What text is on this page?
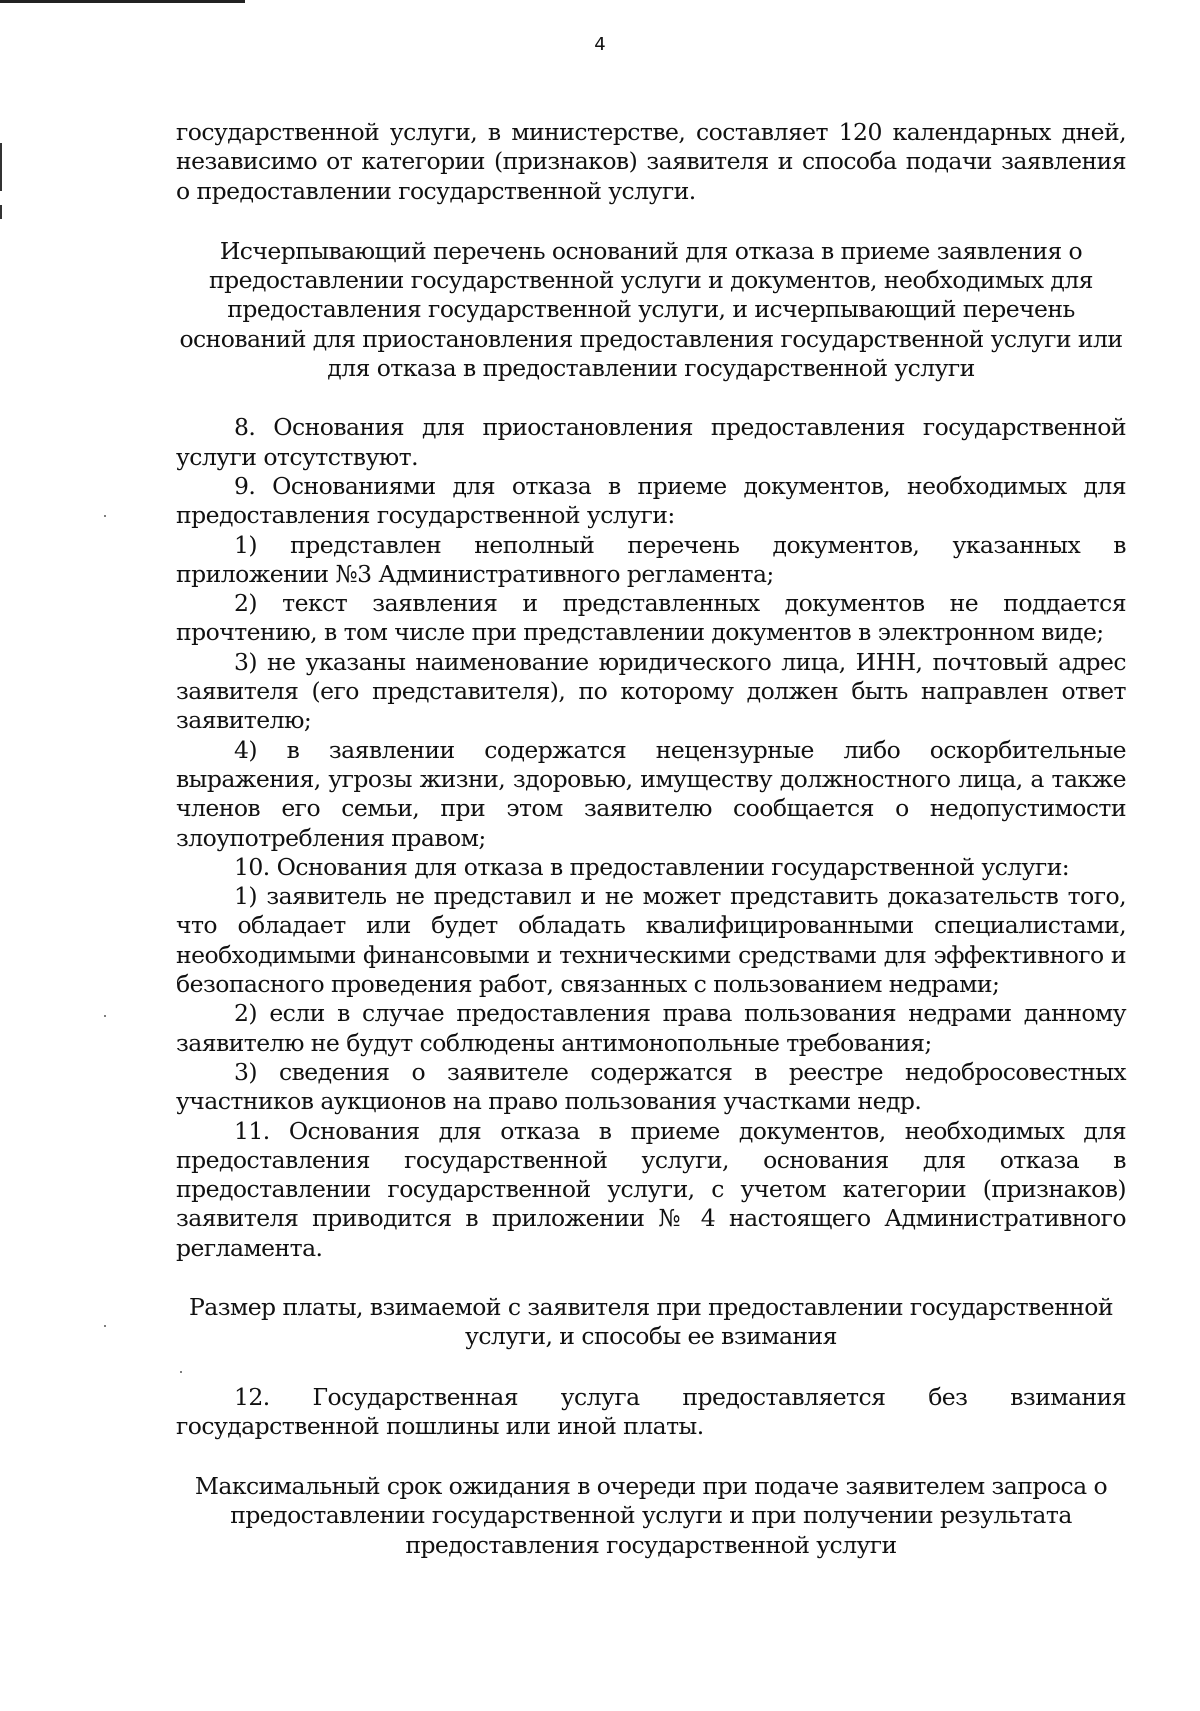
4

государственной услуги, в министерстве, составляет 120 календарных дней, независимо от категории (признаков) заявителя и способа подачи заявления о предоставлении государственной услуги.

Исчерпывающий перечень оснований для отказа в приеме заявления о предоставлении государственной услуги и документов, необходимых для предоставления государственной услуги, и исчерпывающий перечень оснований для приостановления предоставления государственной услуги или для отказа в предоставлении государственной услуги

8. Основания для приостановления предоставления государственной услуги отсутствуют.

9. Основаниями для отказа в приеме документов, необходимых для предоставления государственной услуги:

1) представлен неполный перечень документов, указанных в приложении №3 Административного регламента;

2) текст заявления и представленных документов не поддается прочтению, в том числе при представлении документов в электронном виде;

3) не указаны наименование юридического лица, ИНН, почтовый адрес заявителя (его представителя), по которому должен быть направлен ответ заявителю;

4) в заявлении содержатся нецензурные либо оскорбительные выражения, угрозы жизни, здоровью, имуществу должностного лица, а также членов его семьи, при этом заявителю сообщается о недопустимости злоупотребления правом;

10. Основания для отказа в предоставлении государственной услуги:

1) заявитель не представил и не может представить доказательств того, что обладает или будет обладать квалифицированными специалистами, необходимыми финансовыми и техническими средствами для эффективного и безопасного проведения работ, связанных с пользованием недрами;

2) если в случае предоставления права пользования недрами данному заявителю не будут соблюдены антимонопольные требования;

3) сведения о заявителе содержатся в реестре недобросовестных участников аукционов на право пользования участками недр.

11. Основания для отказа в приеме документов, необходимых для предоставления государственной услуги, основания для отказа в предоставлении государственной услуги, с учетом категории (признаков) заявителя приводится в приложении № 4 настоящего Административного регламента.

Размер платы, взимаемой с заявителя при предоставлении государственной услуги, и способы ее взимания

12. Государственная услуга предоставляется без взимания государственной пошлины или иной платы.

Максимальный срок ожидания в очереди при подаче заявителем запроса о предоставлении государственной услуги и при получении результата предоставления государственной услуги
